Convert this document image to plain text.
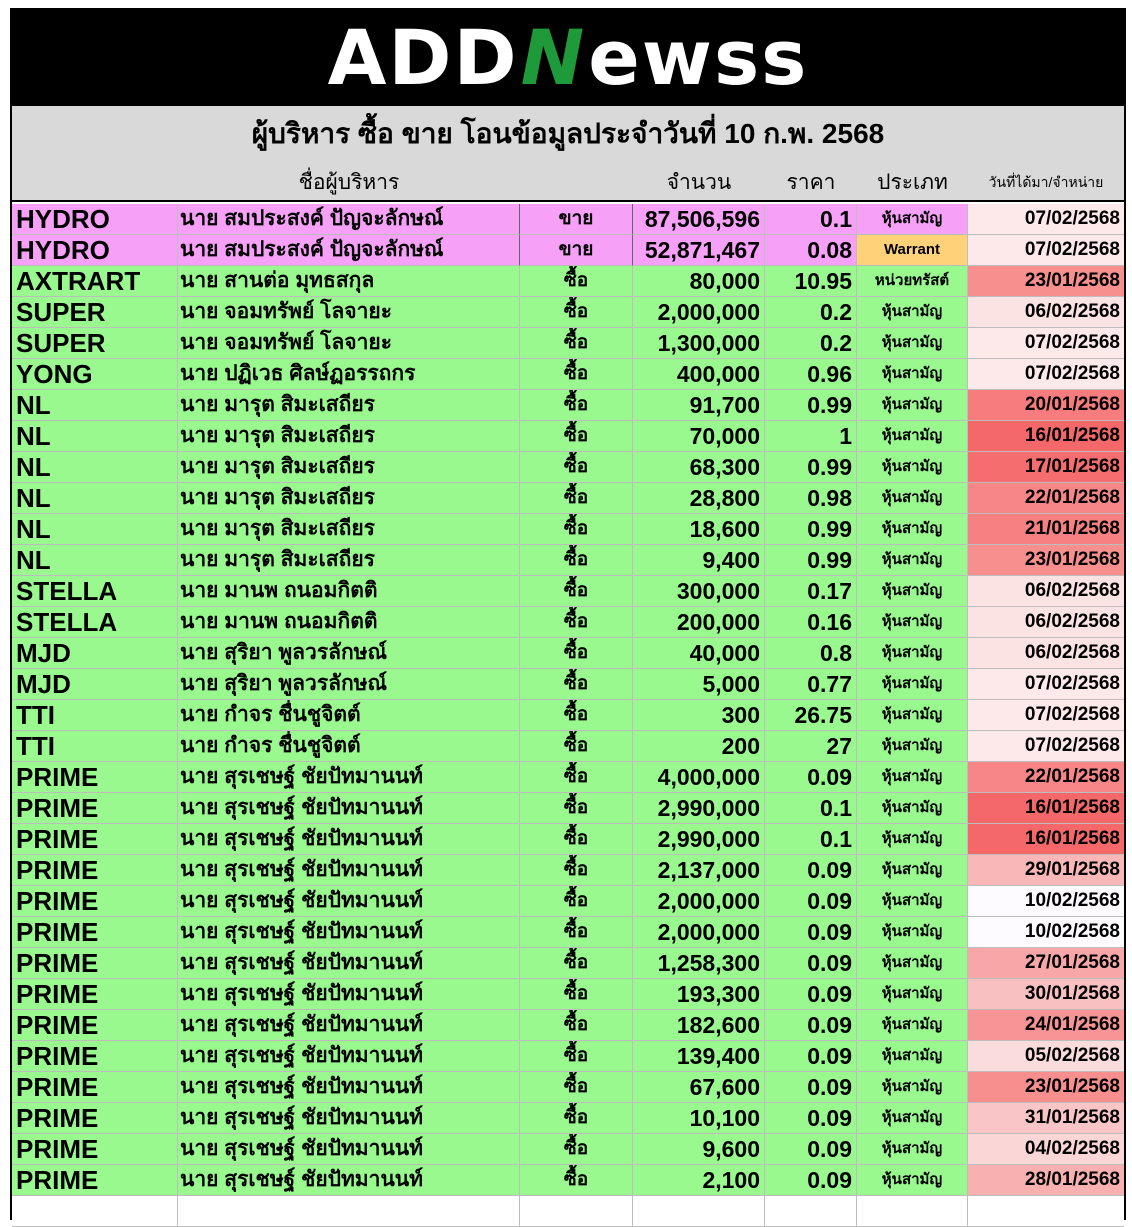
ADD N ewss
ผู้บริหาร ซื้อ ขาย โอนข้อมูลประจำวันที่ 10 ก.พ. 2568
ชื่อผู้บริหาร	จำนวน	ราคา	ประเภท	วันที่ได้มา/จำหน่าย
HYDRO	นาย สมประสงค์ ปัญจะลักษณ์	ขาย	87,506,596	0.1	หุ้นสามัญ	07/02/2568
HYDRO	นาย สมประสงค์ ปัญจะลักษณ์	ขาย	52,871,467	0.08	Warrant	07/02/2568
AXTRART	นาย สานต่อ มุทธสกุล	ซื้อ	80,000	10.95	หน่วยทรัสต์	23/01/2568
SUPER	นาย จอมทรัพย์ โลจายะ	ซื้อ	2,000,000	0.2	หุ้นสามัญ	06/02/2568
SUPER	นาย จอมทรัพย์ โลจายะ	ซื้อ	1,300,000	0.2	หุ้นสามัญ	07/02/2568
YONG	นาย ปฏิเวธ ศิลษ์ฏอรรถกร	ซื้อ	400,000	0.96	หุ้นสามัญ	07/02/2568
NL	นาย มารุต สิมะเสถียร	ซื้อ	91,700	0.99	หุ้นสามัญ	20/01/2568
NL	นาย มารุต สิมะเสถียร	ซื้อ	70,000	1	หุ้นสามัญ	16/01/2568
NL	นาย มารุต สิมะเสถียร	ซื้อ	68,300	0.99	หุ้นสามัญ	17/01/2568
NL	นาย มารุต สิมะเสถียร	ซื้อ	28,800	0.98	หุ้นสามัญ	22/01/2568
NL	นาย มารุต สิมะเสถียร	ซื้อ	18,600	0.99	หุ้นสามัญ	21/01/2568
NL	นาย มารุต สิมะเสถียร	ซื้อ	9,400	0.99	หุ้นสามัญ	23/01/2568
STELLA	นาย มานพ ถนอมกิตติ	ซื้อ	300,000	0.17	หุ้นสามัญ	06/02/2568
STELLA	นาย มานพ ถนอมกิตติ	ซื้อ	200,000	0.16	หุ้นสามัญ	06/02/2568
MJD	นาย สุริยา พูลวรลักษณ์	ซื้อ	40,000	0.8	หุ้นสามัญ	06/02/2568
MJD	นาย สุริยา พูลวรลักษณ์	ซื้อ	5,000	0.77	หุ้นสามัญ	07/02/2568
TTI	นาย กำจร ชื่นชูจิตต์	ซื้อ	300	26.75	หุ้นสามัญ	07/02/2568
TTI	นาย กำจร ชื่นชูจิตต์	ซื้อ	200	27	หุ้นสามัญ	07/02/2568
PRIME	นาย สุรเชษฐ์ ชัยปัทมานนท์	ซื้อ	4,000,000	0.09	หุ้นสามัญ	22/01/2568
PRIME	นาย สุรเชษฐ์ ชัยปัทมานนท์	ซื้อ	2,990,000	0.1	หุ้นสามัญ	16/01/2568
PRIME	นาย สุรเชษฐ์ ชัยปัทมานนท์	ซื้อ	2,990,000	0.1	หุ้นสามัญ	16/01/2568
PRIME	นาย สุรเชษฐ์ ชัยปัทมานนท์	ซื้อ	2,137,000	0.09	หุ้นสามัญ	29/01/2568
PRIME	นาย สุรเชษฐ์ ชัยปัทมานนท์	ซื้อ	2,000,000	0.09	หุ้นสามัญ	10/02/2568
PRIME	นาย สุรเชษฐ์ ชัยปัทมานนท์	ซื้อ	2,000,000	0.09	หุ้นสามัญ	10/02/2568
PRIME	นาย สุรเชษฐ์ ชัยปัทมานนท์	ซื้อ	1,258,300	0.09	หุ้นสามัญ	27/01/2568
PRIME	นาย สุรเชษฐ์ ชัยปัทมานนท์	ซื้อ	193,300	0.09	หุ้นสามัญ	30/01/2568
PRIME	นาย สุรเชษฐ์ ชัยปัทมานนท์	ซื้อ	182,600	0.09	หุ้นสามัญ	24/01/2568
PRIME	นาย สุรเชษฐ์ ชัยปัทมานนท์	ซื้อ	139,400	0.09	หุ้นสามัญ	05/02/2568
PRIME	นาย สุรเชษฐ์ ชัยปัทมานนท์	ซื้อ	67,600	0.09	หุ้นสามัญ	23/01/2568
PRIME	นาย สุรเชษฐ์ ชัยปัทมานนท์	ซื้อ	10,100	0.09	หุ้นสามัญ	31/01/2568
PRIME	นาย สุรเชษฐ์ ชัยปัทมานนท์	ซื้อ	9,600	0.09	หุ้นสามัญ	04/02/2568
PRIME	นาย สุรเชษฐ์ ชัยปัทมานนท์	ซื้อ	2,100	0.09	หุ้นสามัญ	28/01/2568
